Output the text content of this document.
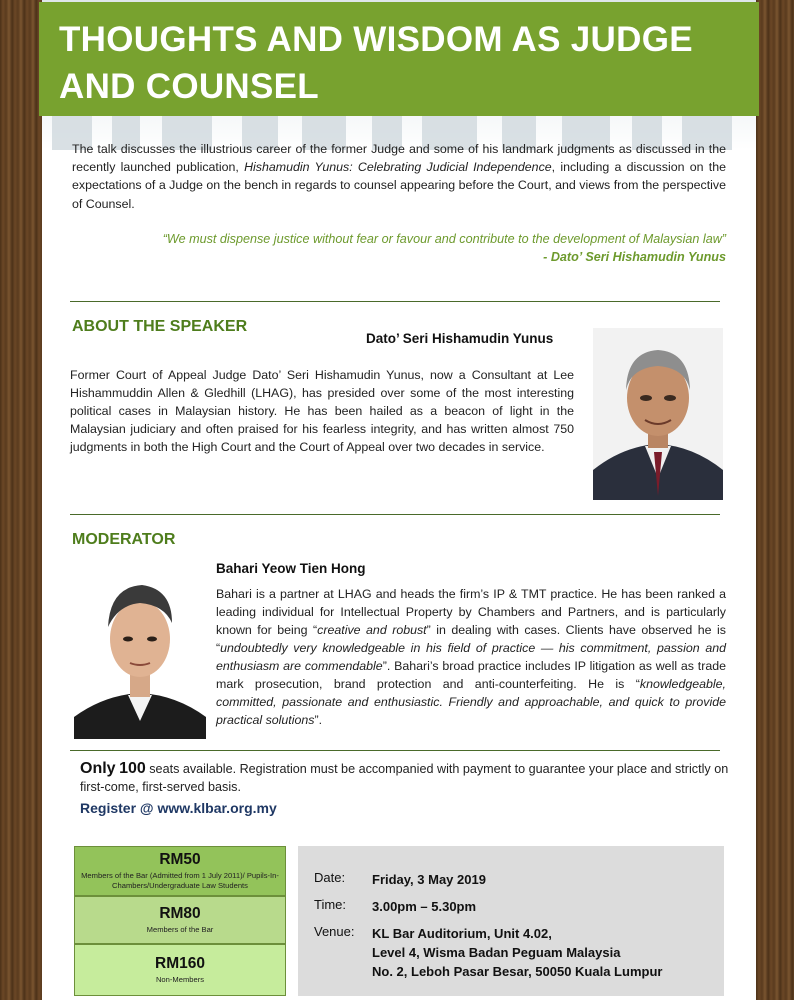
THOUGHTS AND WISDOM AS JUDGE
AND COUNSEL

The talk discusses the illustrious career of the former Judge and some of his landmark judgments as discussed in the recently launched publication, Hishamudin Yunus: Celebrating Judicial Independence, including a discussion on the expectations of a Judge on the bench in regards to counsel appearing before the Court, and views from the perspective of Counsel.

“We must dispense justice without fear or favour and contribute to the development of Malaysian law”
- Dato’ Seri Hishamudin Yunus
ABOUT THE SPEAKER
Dato’ Seri Hishamudin Yunus

Former Court of Appeal Judge Dato’ Seri Hishamudin Yunus, now a Consultant at Lee Hishammuddin Allen & Gledhill (LHAG), has presided over some of the most interesting political cases in Malaysian history. He has been hailed as a beacon of light in the Malaysian judiciary and often praised for his fearless integrity, and has written almost 750 judgments in both the High Court and the Court of Appeal over two decades in service.

MODERATOR
Bahari Yeow Tien Hong

Bahari is a partner at LHAG and heads the firm’s IP & TMT practice. He has been ranked a leading individual for Intellectual Property by Chambers and Partners, and is particularly known for being “creative and robust” in dealing with cases. Clients have observed he is “undoubtedly very knowledgeable in his field of practice — his commitment, passion and enthusiasm are commendable”. Bahari’s broad practice includes IP litigation as well as trade mark prosecution, brand protection and anti-counterfeiting. He is “knowledgeable, committed, passionate and enthusiastic. Friendly and approachable, and quick to provide practical solutions”.

Only 100 seats available. Registration must be accompanied with payment to guarantee your place and strictly on first-come, first-served basis.

Register @ www.klbar.org.my
RM50
Members of the Bar (Admitted from 1 July 2011)/ Pupils-In-Chambers/Undergraduate Law Students
RM80
Members of the Bar
RM160
Non-Members
Date: Friday, 3 May 2019
Time: 3.00pm – 5.30pm
Venue: KL Bar Auditorium, Unit 4.02,
Level 4, Wisma Badan Peguam Malaysia
No. 2, Leboh Pasar Besar, 50050 Kuala Lumpur
